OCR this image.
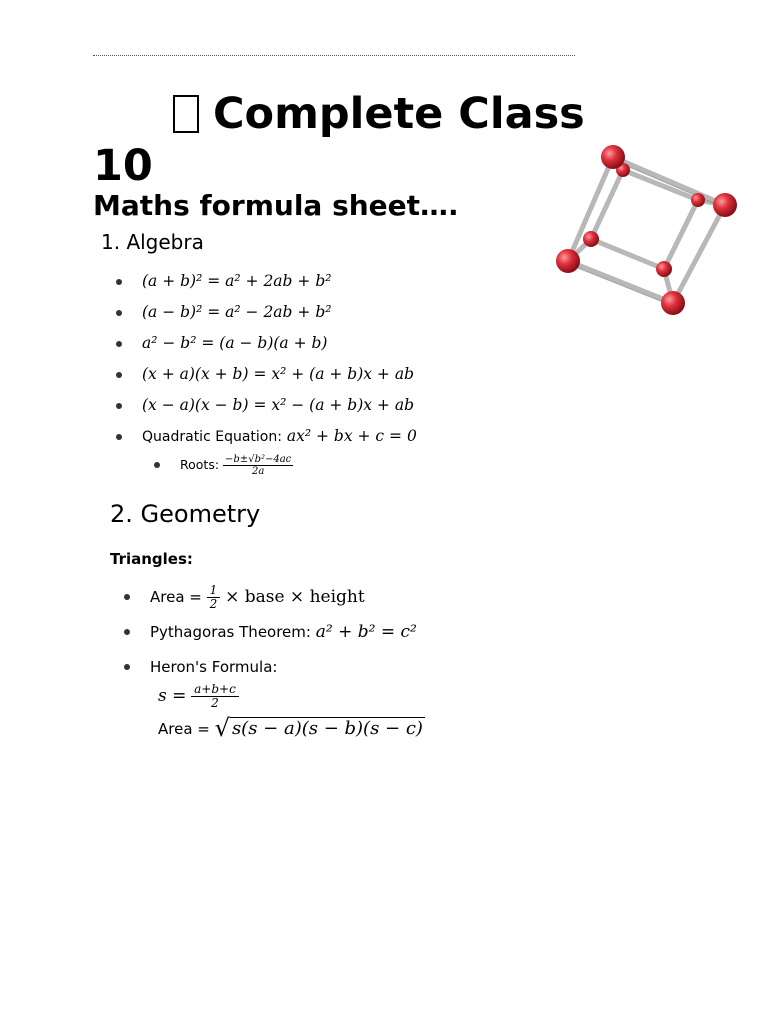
Complete Class 10
Maths formula sheet….
1. Algebra
(a + b)² = a² + 2ab + b²
(a − b)² = a² − 2ab + b²
a² − b² = (a − b)(a + b)
(x + a)(x + b) = x² + (a + b)x + ab
(x − a)(x − b) = x² − (a + b)x + ab
Quadratic Equation: ax² + bx + c = 0
Roots: $\frac{\text{−b±√b²−4ac}}{2a}$
2. Geometry
Triangles:
Area = $\frac{1}{2}$ × base × height
Pythagoras Theorem: a² + b² = c²
Heron's Formula:
$s = \frac{a+b+c}{2}$
Area = √ s(s − a)(s − b)(s − c)
